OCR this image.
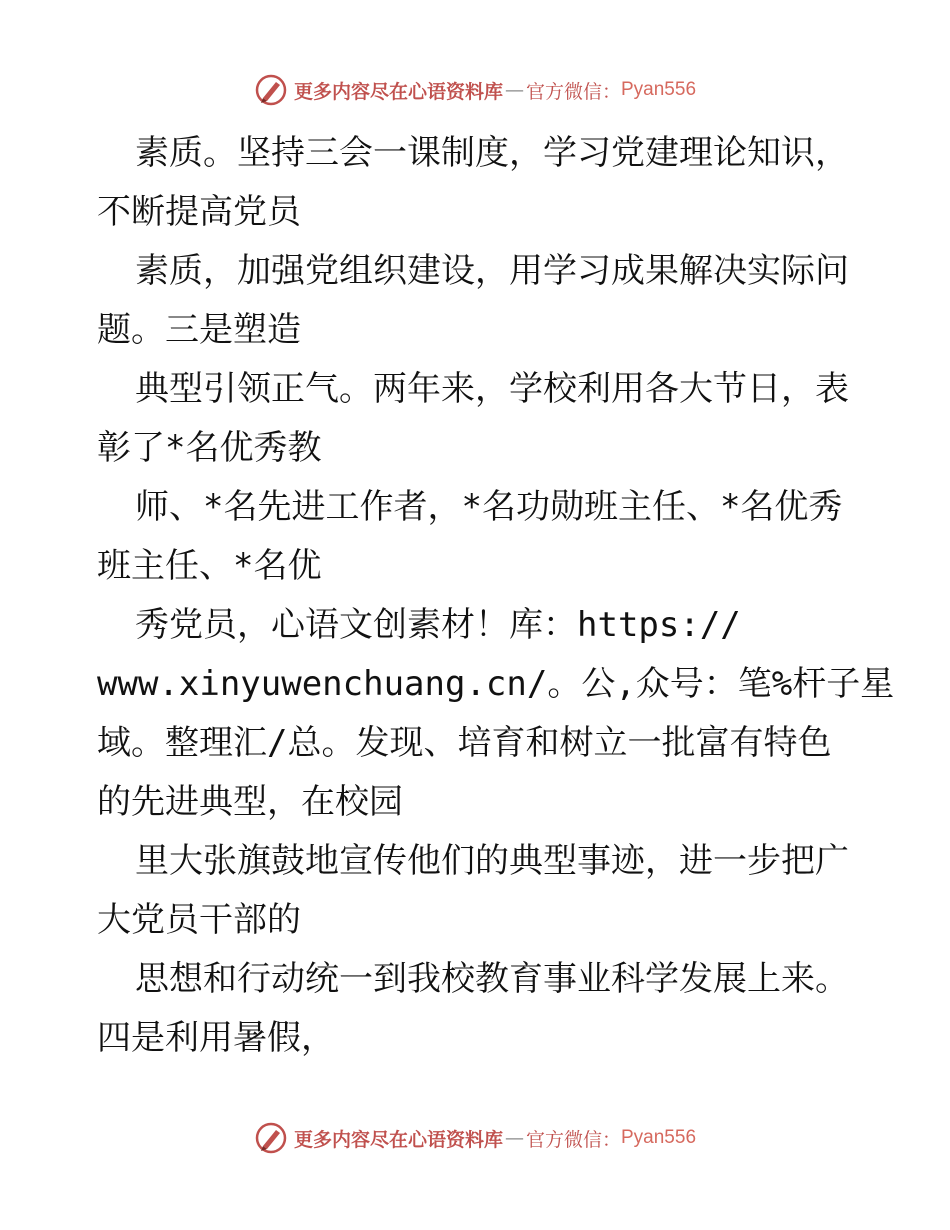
更多内容尽在心语资料库 — 官方微信： Pyan556
素质。坚持三会一课制度，学习党建理论知识，
不断提高党员
素质，加强党组织建设，用学习成果解决实际问
题。三是塑造
典型引领正气。两年来，学校利用各大节日，表
彰了*名优秀教
师、*名先进工作者，*名功勋班主任、*名优秀
班主任、*名优
秀党员，心语文创素材！库：https://
www.xinyuwenchuang.cn/。公,众号：笔%杆子星
域。整理汇/总。发现、培育和树立一批富有特色
的先进典型，在校园
里大张旗鼓地宣传他们的典型事迹，进一步把广
大党员干部的
思想和行动统一到我校教育事业科学发展上来。
四是利用暑假，
更多内容尽在心语资料库 — 官方微信： Pyan556
